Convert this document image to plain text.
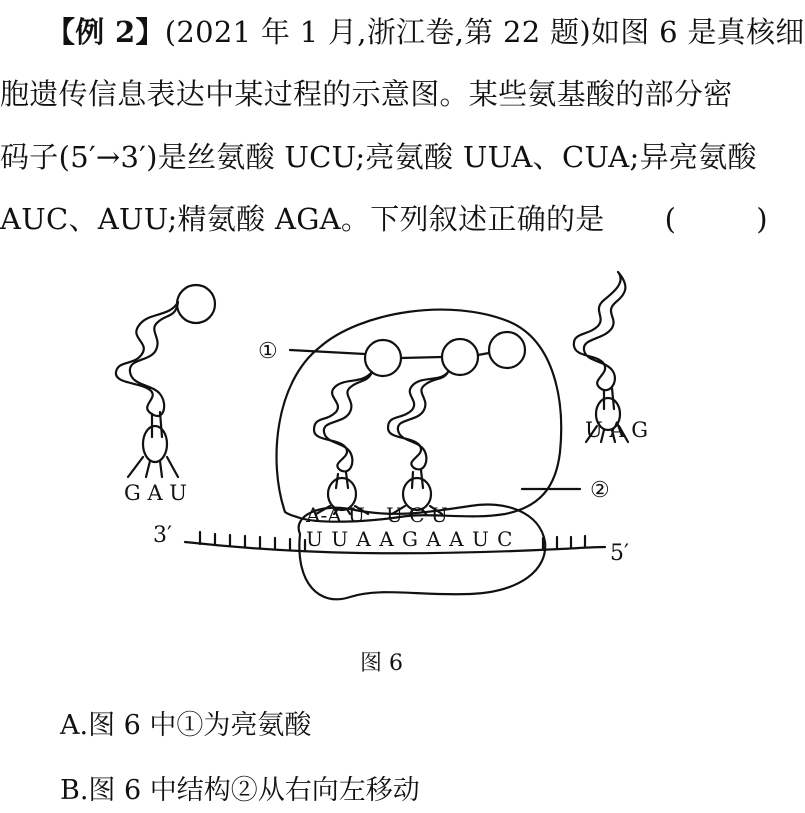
【例 2】(2021 年 1 月,浙江卷,第 22 题)如图 6 是真核细
胞遗传信息表达中某过程的示意图。某些氨基酸的部分密
码子(5′→3′)是丝氨酸 UCU;亮氨酸 UUA、CUA;异亮氨酸
AUC、AUU;精氨酸 AGA。下列叙述正确的是 (	)
①
②
G A U
U A G
A-A U U C U
U U A A G A A U C
3′
5′
图 6
A.图 6 中①为亮氨酸
B.图 6 中结构②从右向左移动
